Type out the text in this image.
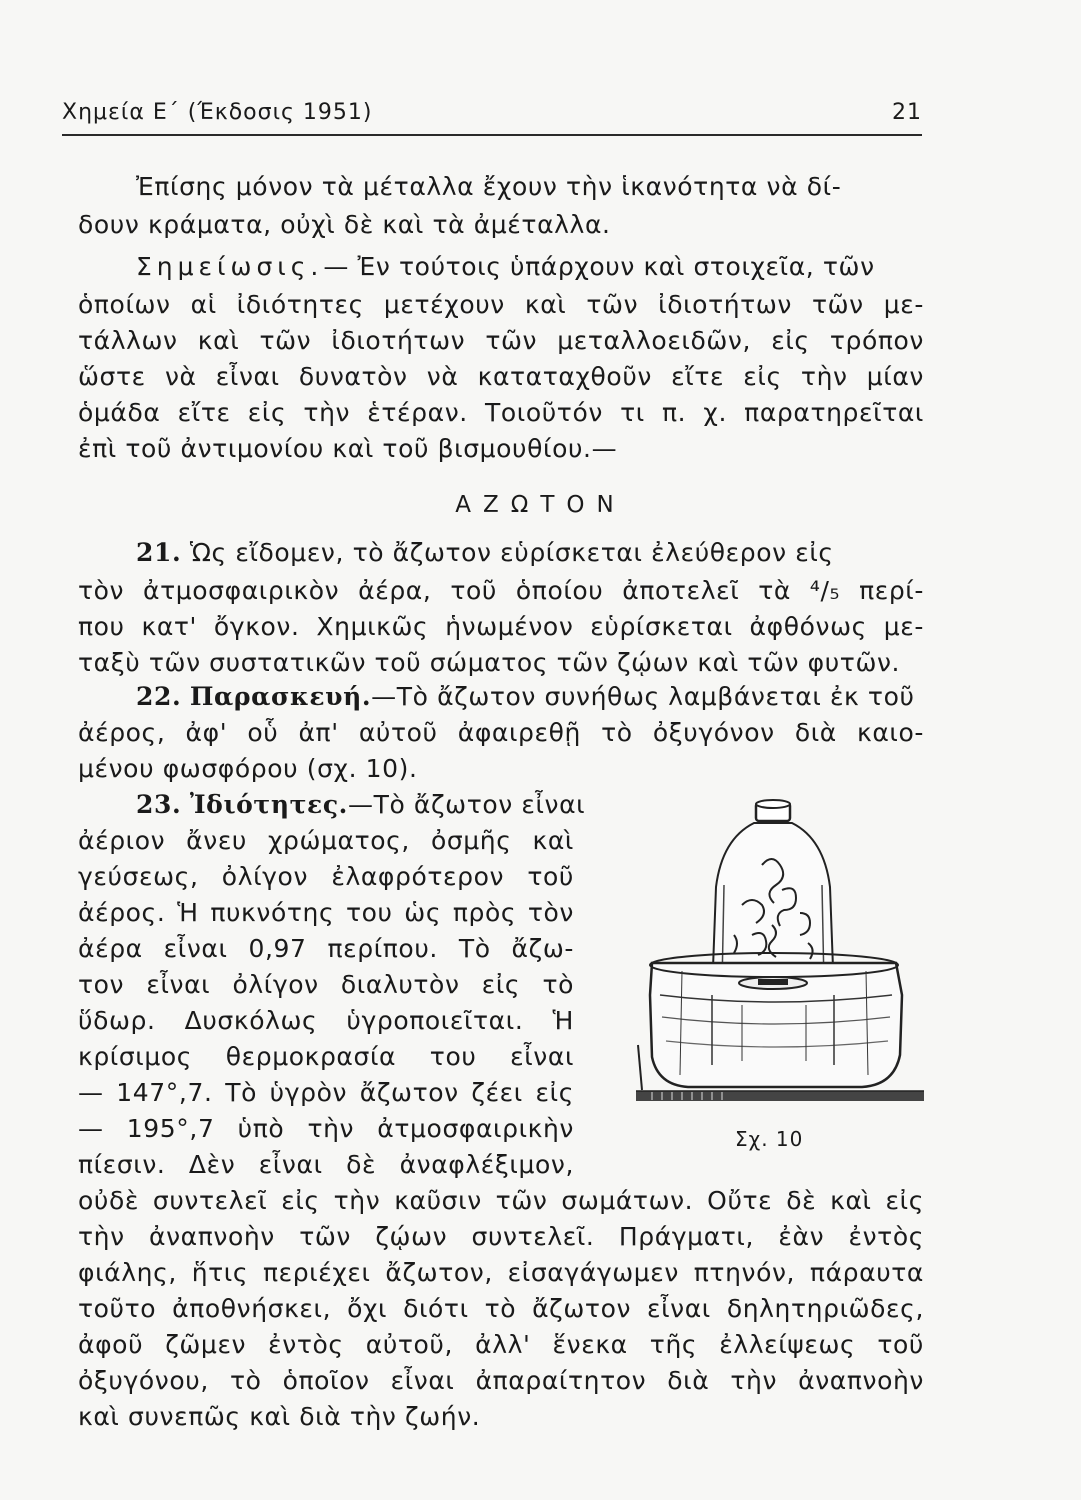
Χημεία Ε΄ (Έκδοσις 1951)	21
Ἐπίσης μόνον τὰ μέταλλα ἔχουν τὴν ἱκανότητα νὰ δί-
δουν κράματα, οὐχὶ δὲ καὶ τὰ ἀμέταλλα.
Σημείωσις.— Ἐν τούτοις ὑπάρχουν καὶ στοιχεῖα, τῶν
ὁποίων αἱ ἰδιότητες μετέχουν καὶ τῶν ἰδιοτήτων τῶν με-
τάλλων καὶ τῶν ἰδιοτήτων τῶν μεταλλοειδῶν, εἰς τρόπον
ὥστε νὰ εἶναι δυνατὸν νὰ καταταχθοῦν εἴτε εἰς τὴν μίαν
ὁμάδα εἴτε εἰς τὴν ἑτέραν. Τοιοῦτόν τι π. χ. παρατηρεῖται
ἐπὶ τοῦ ἀντιμονίου καὶ τοῦ βισμουθίου.—
ΑΖΩΤΟΝ
21. Ὡς εἴδομεν, τὸ ἄζωτον εὑρίσκεται ἐλεύθερον εἰς
τὸν ἀτμοσφαιρικὸν ἀέρα, τοῦ ὁποίου ἀποτελεῖ τὰ ⁴/₅ περί-
που κατ' ὄγκον. Χημικῶς ἡνωμένον εὑρίσκεται ἀφθόνως με-
ταξὺ τῶν συστατικῶν τοῦ σώματος τῶν ζῴων καὶ τῶν φυτῶν.
22. Παρασκευή.—Τὸ ἄζωτον συνήθως λαμβάνεται ἐκ τοῦ
ἀέρος, ἀφ' οὗ ἀπ' αὐτοῦ ἀφαιρεθῇ τὸ ὀξυγόνον διὰ καιο-
μένου φωσφόρου (σχ. 10).
23. Ἰδιότητες.—Τὸ ἄζωτον εἶναι
ἀέριον ἄνευ χρώματος, ὀσμῆς καὶ
γεύσεως, ὀλίγον ἐλαφρότερον τοῦ
ἀέρος. Ἡ πυκνότης του ὡς πρὸς τὸν
ἀέρα εἶναι 0,97 περίπου. Τὸ ἄζω-
τον εἶναι ὀλίγον διαλυτὸν εἰς τὸ
ὕδωρ. Δυσκόλως ὑγροποιεῖται. Ἡ
κρίσιμος θερμοκρασία του εἶναι
— 147°,7. Τὸ ὑγρὸν ἄζωτον ζέει εἰς
— 195°,7 ὑπὸ τὴν ἀτμοσφαιρικὴν
πίεσιν. Δὲν εἶναι δὲ ἀναφλέξιμον,
οὐδὲ συντελεῖ εἰς τὴν καῦσιν τῶν σωμάτων. Οὔτε δὲ καὶ εἰς
τὴν ἀναπνοὴν τῶν ζῴων συντελεῖ. Πράγματι, ἐὰν ἐντὸς
φιάλης, ἥτις περιέχει ἄζωτον, εἰσαγάγωμεν πτηνόν, πάραυτα
τοῦτο ἀποθνήσκει, ὄχι διότι τὸ ἄζωτον εἶναι δηλητηριῶδες,
ἀφοῦ ζῶμεν ἐντὸς αὐτοῦ, ἀλλ' ἕνεκα τῆς ἐλλείψεως τοῦ
ὀξυγόνου, τὸ ὁποῖον εἶναι ἀπαραίτητον διὰ τὴν ἀναπνοὴν
καὶ συνεπῶς καὶ διὰ τὴν ζωήν.
Σχ. 10
